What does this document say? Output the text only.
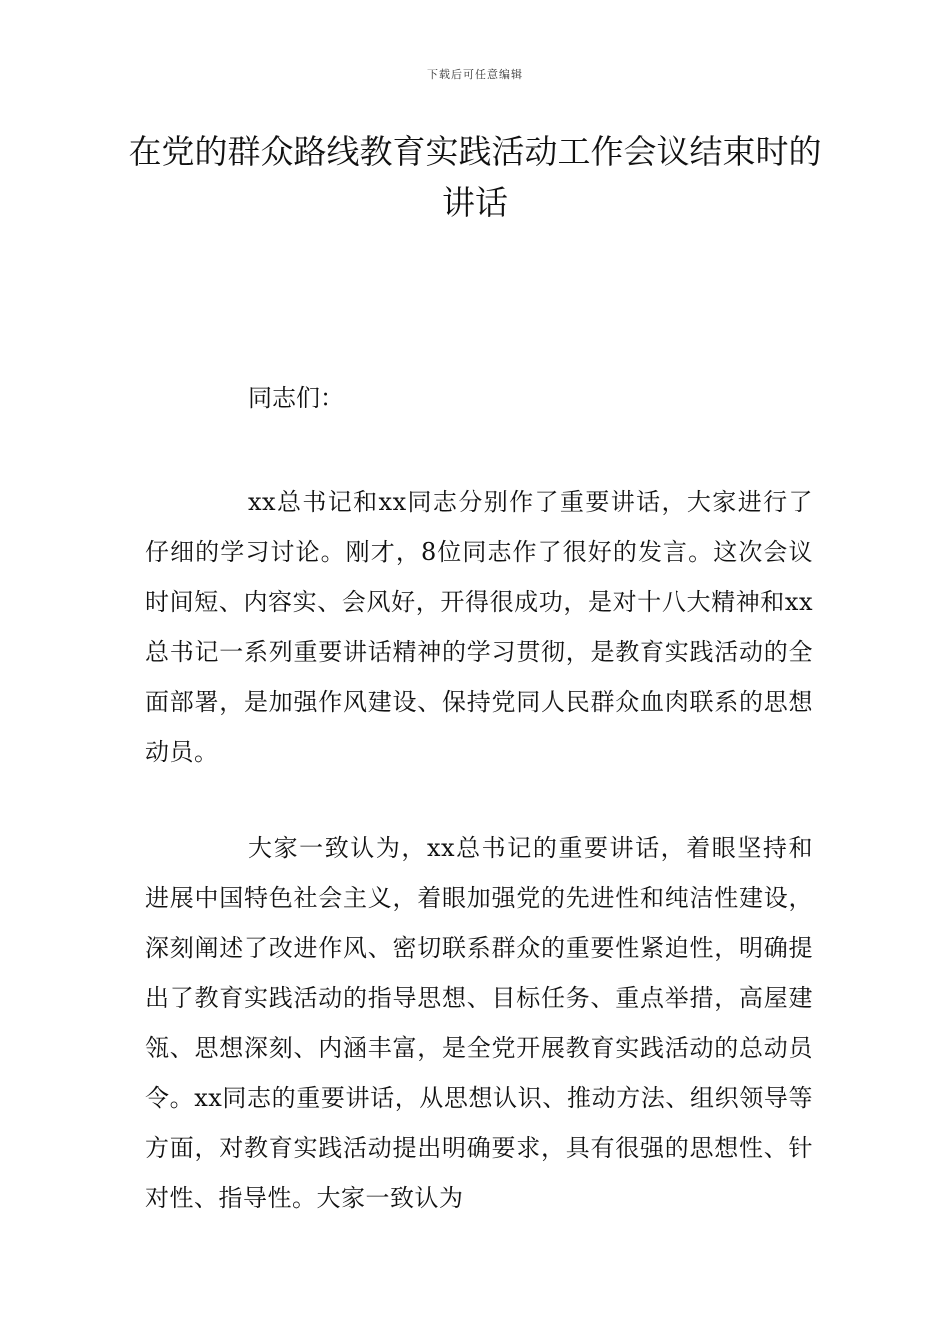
下载后可任意编辑
在党的群众路线教育实践活动工作会议结束时的讲话

同志们：

xx总书记和xx同志分别作了重要讲话，大家进行了仔细的学习讨论。刚才，8位同志作了很好的发言。这次会议时间短、内容实、会风好，开得很成功，是对十八大精神和xx总书记一系列重要讲话精神的学习贯彻，是教育实践活动的全面部署，是加强作风建设、保持党同人民群众血肉联系的思想动员。

大家一致认为，xx总书记的重要讲话，着眼坚持和进展中国特色社会主义，着眼加强党的先进性和纯洁性建设，深刻阐述了改进作风、密切联系群众的重要性紧迫性，明确提出了教育实践活动的指导思想、目标任务、重点举措，高屋建瓴、思想深刻、内涵丰富，是全党开展教育实践活动的总动员令。xx同志的重要讲话，从思想认识、推动方法、组织领导等方面，对教育实践活动提出明确要求，具有很强的思想性、针对性、指导性。大家一致认为
